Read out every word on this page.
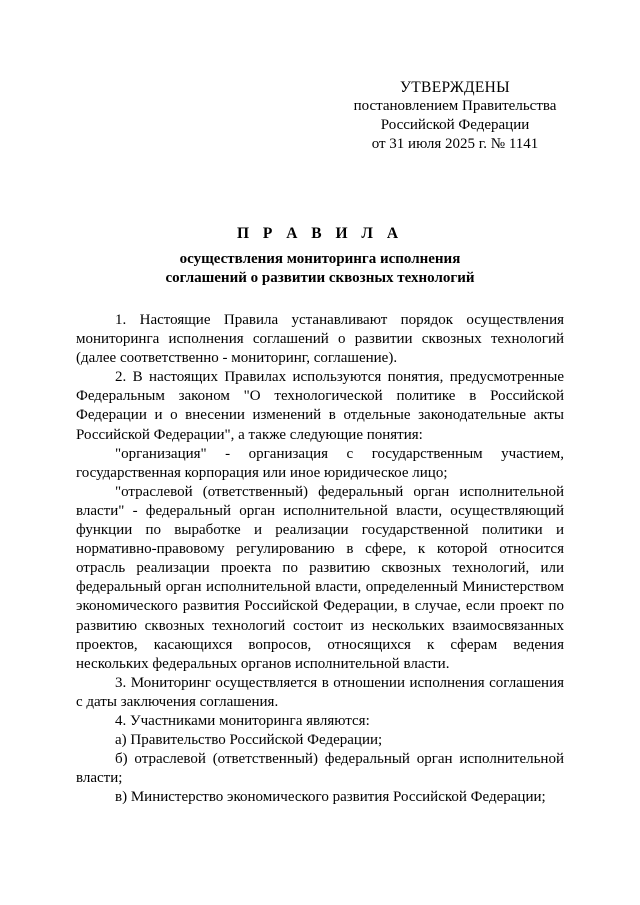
УТВЕРЖДЕНЫ
постановлением Правительства
Российской Федерации
от 31 июля 2025 г. № 1141
П Р А В И Л А
осуществления мониторинга исполнения
соглашений о развитии сквозных технологий

1. Настоящие Правила устанавливают порядок осуществления мониторинга исполнения соглашений о развитии сквозных технологий (далее соответственно - мониторинг, соглашение).

2. В настоящих Правилах используются понятия, предусмотренные Федеральным законом "О технологической политике в Российской Федерации и о внесении изменений в отдельные законодательные акты Российской Федерации", а также следующие понятия:

"организация" - организация с государственным участием, государственная корпорация или иное юридическое лицо;

"отраслевой (ответственный) федеральный орган исполнительной власти" - федеральный орган исполнительной власти, осуществляющий функции по выработке и реализации государственной политики и нормативно-правовому регулированию в сфере, к которой относится отрасль реализации проекта по развитию сквозных технологий, или федеральный орган исполнительной власти, определенный Министерством экономического развития Российской Федерации, в случае, если проект по развитию сквозных технологий состоит из нескольких взаимосвязанных проектов, касающихся вопросов, относящихся к сферам ведения нескольких федеральных органов исполнительной власти.

3. Мониторинг осуществляется в отношении исполнения соглашения с даты заключения соглашения.

4. Участниками мониторинга являются:

а) Правительство Российской Федерации;

б) отраслевой (ответственный) федеральный орган исполнительной власти;

в) Министерство экономического развития Российской Федерации;
